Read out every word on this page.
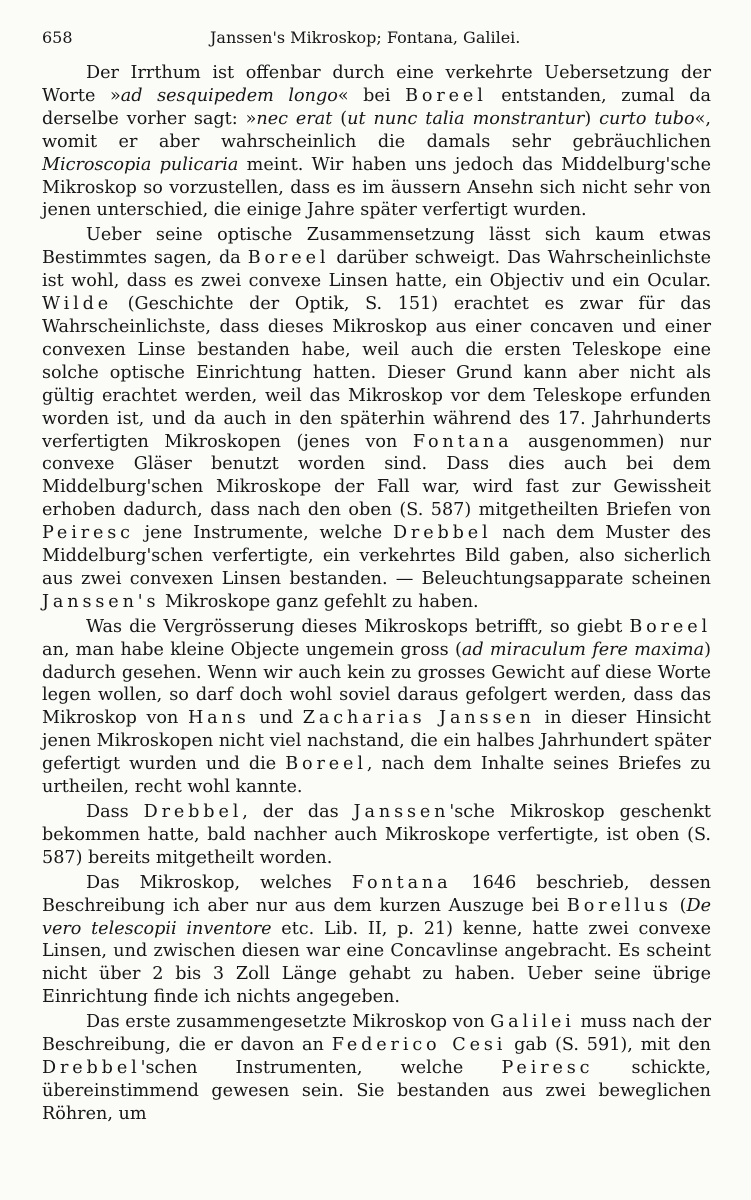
658	Janssen's Mikroskop; Fontana, Galilei.

Der Irrthum ist offenbar durch eine verkehrte Uebersetzung der Worte »ad sesquipedem longo« bei Boreel entstanden, zumal da derselbe vorher sagt: »nec erat (ut nunc talia monstrantur) curto tubo«, womit er aber wahrscheinlich die damals sehr gebräuchlichen Microscopia pulicaria meint. Wir haben uns jedoch das Middelburg'sche Mikroskop so vorzustellen, dass es im äussern Ansehn sich nicht sehr von jenen unterschied, die einige Jahre später verfertigt wurden.

Ueber seine optische Zusammensetzung lässt sich kaum etwas Bestimmtes sagen, da Boreel darüber schweigt. Das Wahrscheinlichste ist wohl, dass es zwei convexe Linsen hatte, ein Objectiv und ein Ocular. Wilde (Geschichte der Optik, S. 151) erachtet es zwar für das Wahrscheinlichste, dass dieses Mikroskop aus einer concaven und einer convexen Linse bestanden habe, weil auch die ersten Teleskope eine solche optische Einrichtung hatten. Dieser Grund kann aber nicht als gültig erachtet werden, weil das Mikroskop vor dem Teleskope erfunden worden ist, und da auch in den späterhin während des 17. Jahrhunderts verfertigten Mikroskopen (jenes von Fontana ausgenommen) nur convexe Gläser benutzt worden sind. Dass dies auch bei dem Middelburg'schen Mikroskope der Fall war, wird fast zur Gewissheit erhoben dadurch, dass nach den oben (S. 587) mitgetheilten Briefen von Peiresc jene Instrumente, welche Drebbel nach dem Muster des Middelburg'schen verfertigte, ein verkehrtes Bild gaben, also sicherlich aus zwei convexen Linsen bestanden. — Beleuchtungsapparate scheinen Janssen's Mikroskope ganz gefehlt zu haben.

Was die Vergrösserung dieses Mikroskops betrifft, so giebt Boreel an, man habe kleine Objecte ungemein gross (ad miraculum fere maxima) dadurch gesehen. Wenn wir auch kein zu grosses Gewicht auf diese Worte legen wollen, so darf doch wohl soviel daraus gefolgert werden, dass das Mikroskop von Hans und Zacharias Janssen in dieser Hinsicht jenen Mikroskopen nicht viel nachstand, die ein halbes Jahrhundert später gefertigt wurden und die Boreel, nach dem Inhalte seines Briefes zu urtheilen, recht wohl kannte.

Dass Drebbel, der das Janssen'sche Mikroskop geschenkt bekommen hatte, bald nachher auch Mikroskope verfertigte, ist oben (S. 587) bereits mitgetheilt worden.

Das Mikroskop, welches Fontana 1646 beschrieb, dessen Beschreibung ich aber nur aus dem kurzen Auszuge bei Borellus (De vero telescopii inventore etc. Lib. II, p. 21) kenne, hatte zwei convexe Linsen, und zwischen diesen war eine Concavlinse angebracht. Es scheint nicht über 2 bis 3 Zoll Länge gehabt zu haben. Ueber seine übrige Einrichtung finde ich nichts angegeben.

Das erste zusammengesetzte Mikroskop von Galilei muss nach der Beschreibung, die er davon an Federico Cesi gab (S. 591), mit den Drebbel'schen Instrumenten, welche Peiresc schickte, übereinstimmend gewesen sein. Sie bestanden aus zwei beweglichen Röhren, um
